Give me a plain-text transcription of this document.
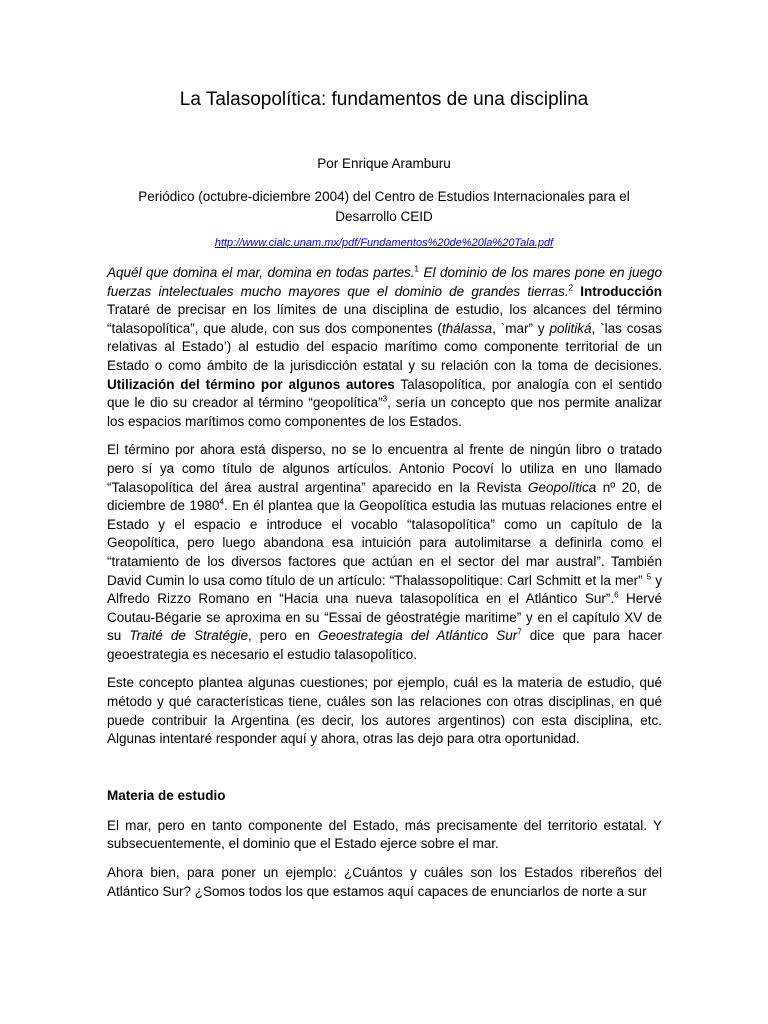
La Talasopolítica: fundamentos de una disciplina
Por Enrique Aramburu
Periódico (octubre-diciembre 2004) del Centro de Estudios Internacionales para el Desarrollo CEID
http://www.cialc.unam.mx/pdf/Fundamentos%20de%20la%20Tala.pdf

Aquél que domina el mar, domina en todas partes.$^1$ El dominio de los mares pone en juego fuerzas intelectuales mucho mayores que el dominio de grandes tierras.$^2$ Introducción Trataré de precisar en los límites de una disciplina de estudio, los alcances del término “talasopolítica”, que alude, con sus dos componentes (thálassa, `mar” y politiká, `las cosas relativas al Estado’) al estudio del espacio marítimo como componente territorial de un Estado o como ámbito de la jurisdicción estatal y su relación con la toma de decisiones. Utilización del término por algunos autores Talasopolítica, por analogía con el sentido que le dio su creador al término “geopolítica”$^3$, sería un concepto que nos permite analizar los espacios marítimos como componentes de los Estados.

El término por ahora está disperso, no se lo encuentra al frente de ningún libro o tratado pero sí ya como título de algunos artículos. Antonio Pocoví lo utiliza en uno llamado “Talasopolítica del área austral argentina” aparecido en la Revista Geopolítica nº 20, de diciembre de 1980$^4$. En él plantea que la Geopolítica estudia las mutuas relaciones entre el Estado y el espacio e introduce el vocablo “talasopolítica” como un capítulo de la Geopolítica, pero luego abandona esa intuición para autolimitarse a definirla como el “tratamiento de los diversos factores que actúan en el sector del mar austral”. También David Cumin lo usa como título de un artículo: “Thalassopolitique: Carl Schmitt et la mer” $^5$ y Alfredo Rizzo Romano en “Hacia una nueva talasopolítica en el Atlántico Sur”.$^6$ Hervé Coutau-Bégarie se aproxima en su “Essai de géostratégie maritime” y en el capítulo XV de su Traité de Stratégie, pero en Geoestrategia del Atlántico Sur$^7$ dice que para hacer geoestrategia es necesario el estudio talasopolítico.

Este concepto plantea algunas cuestiones; por ejemplo, cuál es la materia de estudio, qué método y qué características tiene, cuáles son las relaciones con otras disciplinas, en qué puede contribuir la Argentina (es decir, los autores argentinos) con esta disciplina, etc. Algunas intentaré responder aquí y ahora, otras las dejo para otra oportunidad.

Materia de estudio

El mar, pero en tanto componente del Estado, más precisamente del territorio estatal. Y subsecuentemente, el dominio que el Estado ejerce sobre el mar.

Ahora bien, para poner un ejemplo: ¿Cuántos y cuáles son los Estados ribereños del Atlántico Sur? ¿Somos todos los que estamos aquí capaces de enunciarlos de norte a sur
